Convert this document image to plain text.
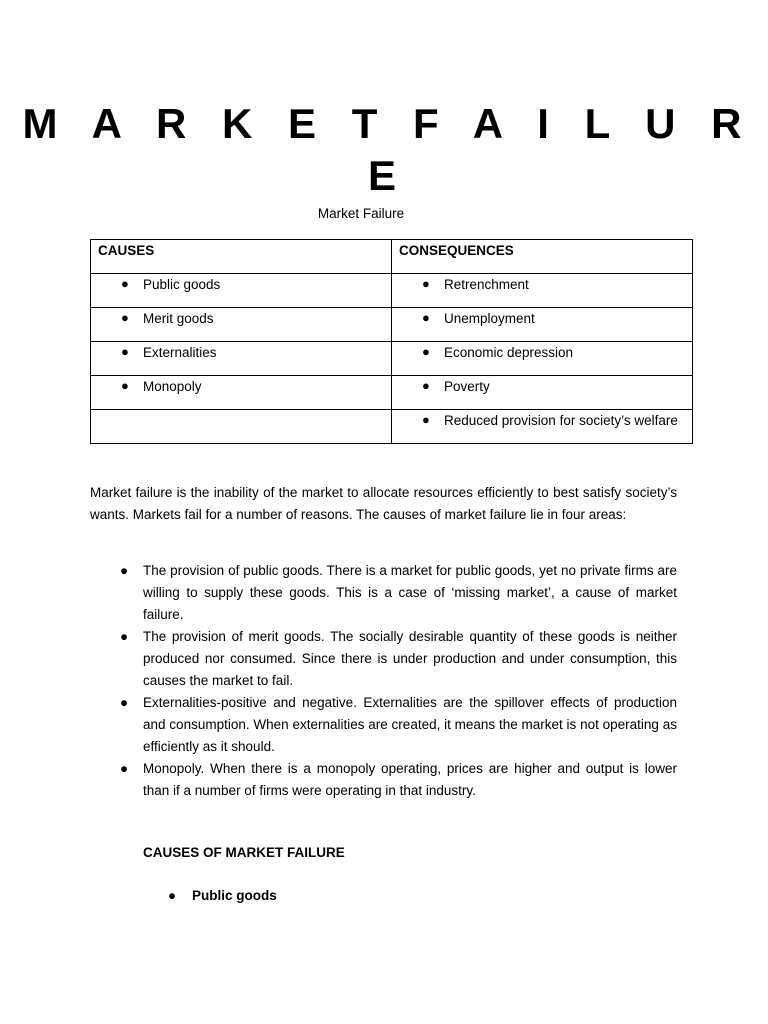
M A R K E T F A I L U R E
Market Failure
CAUSES	CONSEQUENCES

● Public goods	● Retrenchment

● Merit goods	● Unemployment

● Externalities	● Economic depression

● Monopoly	● Poverty

	● Reduced provision for society’s welfare

Market failure is the inability of the market to allocate resources efficiently to best satisfy society’s wants. Markets fail for a number of reasons. The causes of market failure lie in four areas:

● The provision of public goods. There is a market for public goods, yet no private firms are willing to supply these goods. This is a case of ‘missing market’, a cause of market failure.
● The provision of merit goods. The socially desirable quantity of these goods is neither produced nor consumed. Since there is under production and under consumption, this causes the market to fail.
● Externalities-positive and negative. Externalities are the spillover effects of production and consumption. When externalities are created, it means the market is not operating as efficiently as it should.
● Monopoly. When there is a monopoly operating, prices are higher and output is lower than if a number of firms were operating in that industry.
CAUSES OF MARKET FAILURE
● Public goods
